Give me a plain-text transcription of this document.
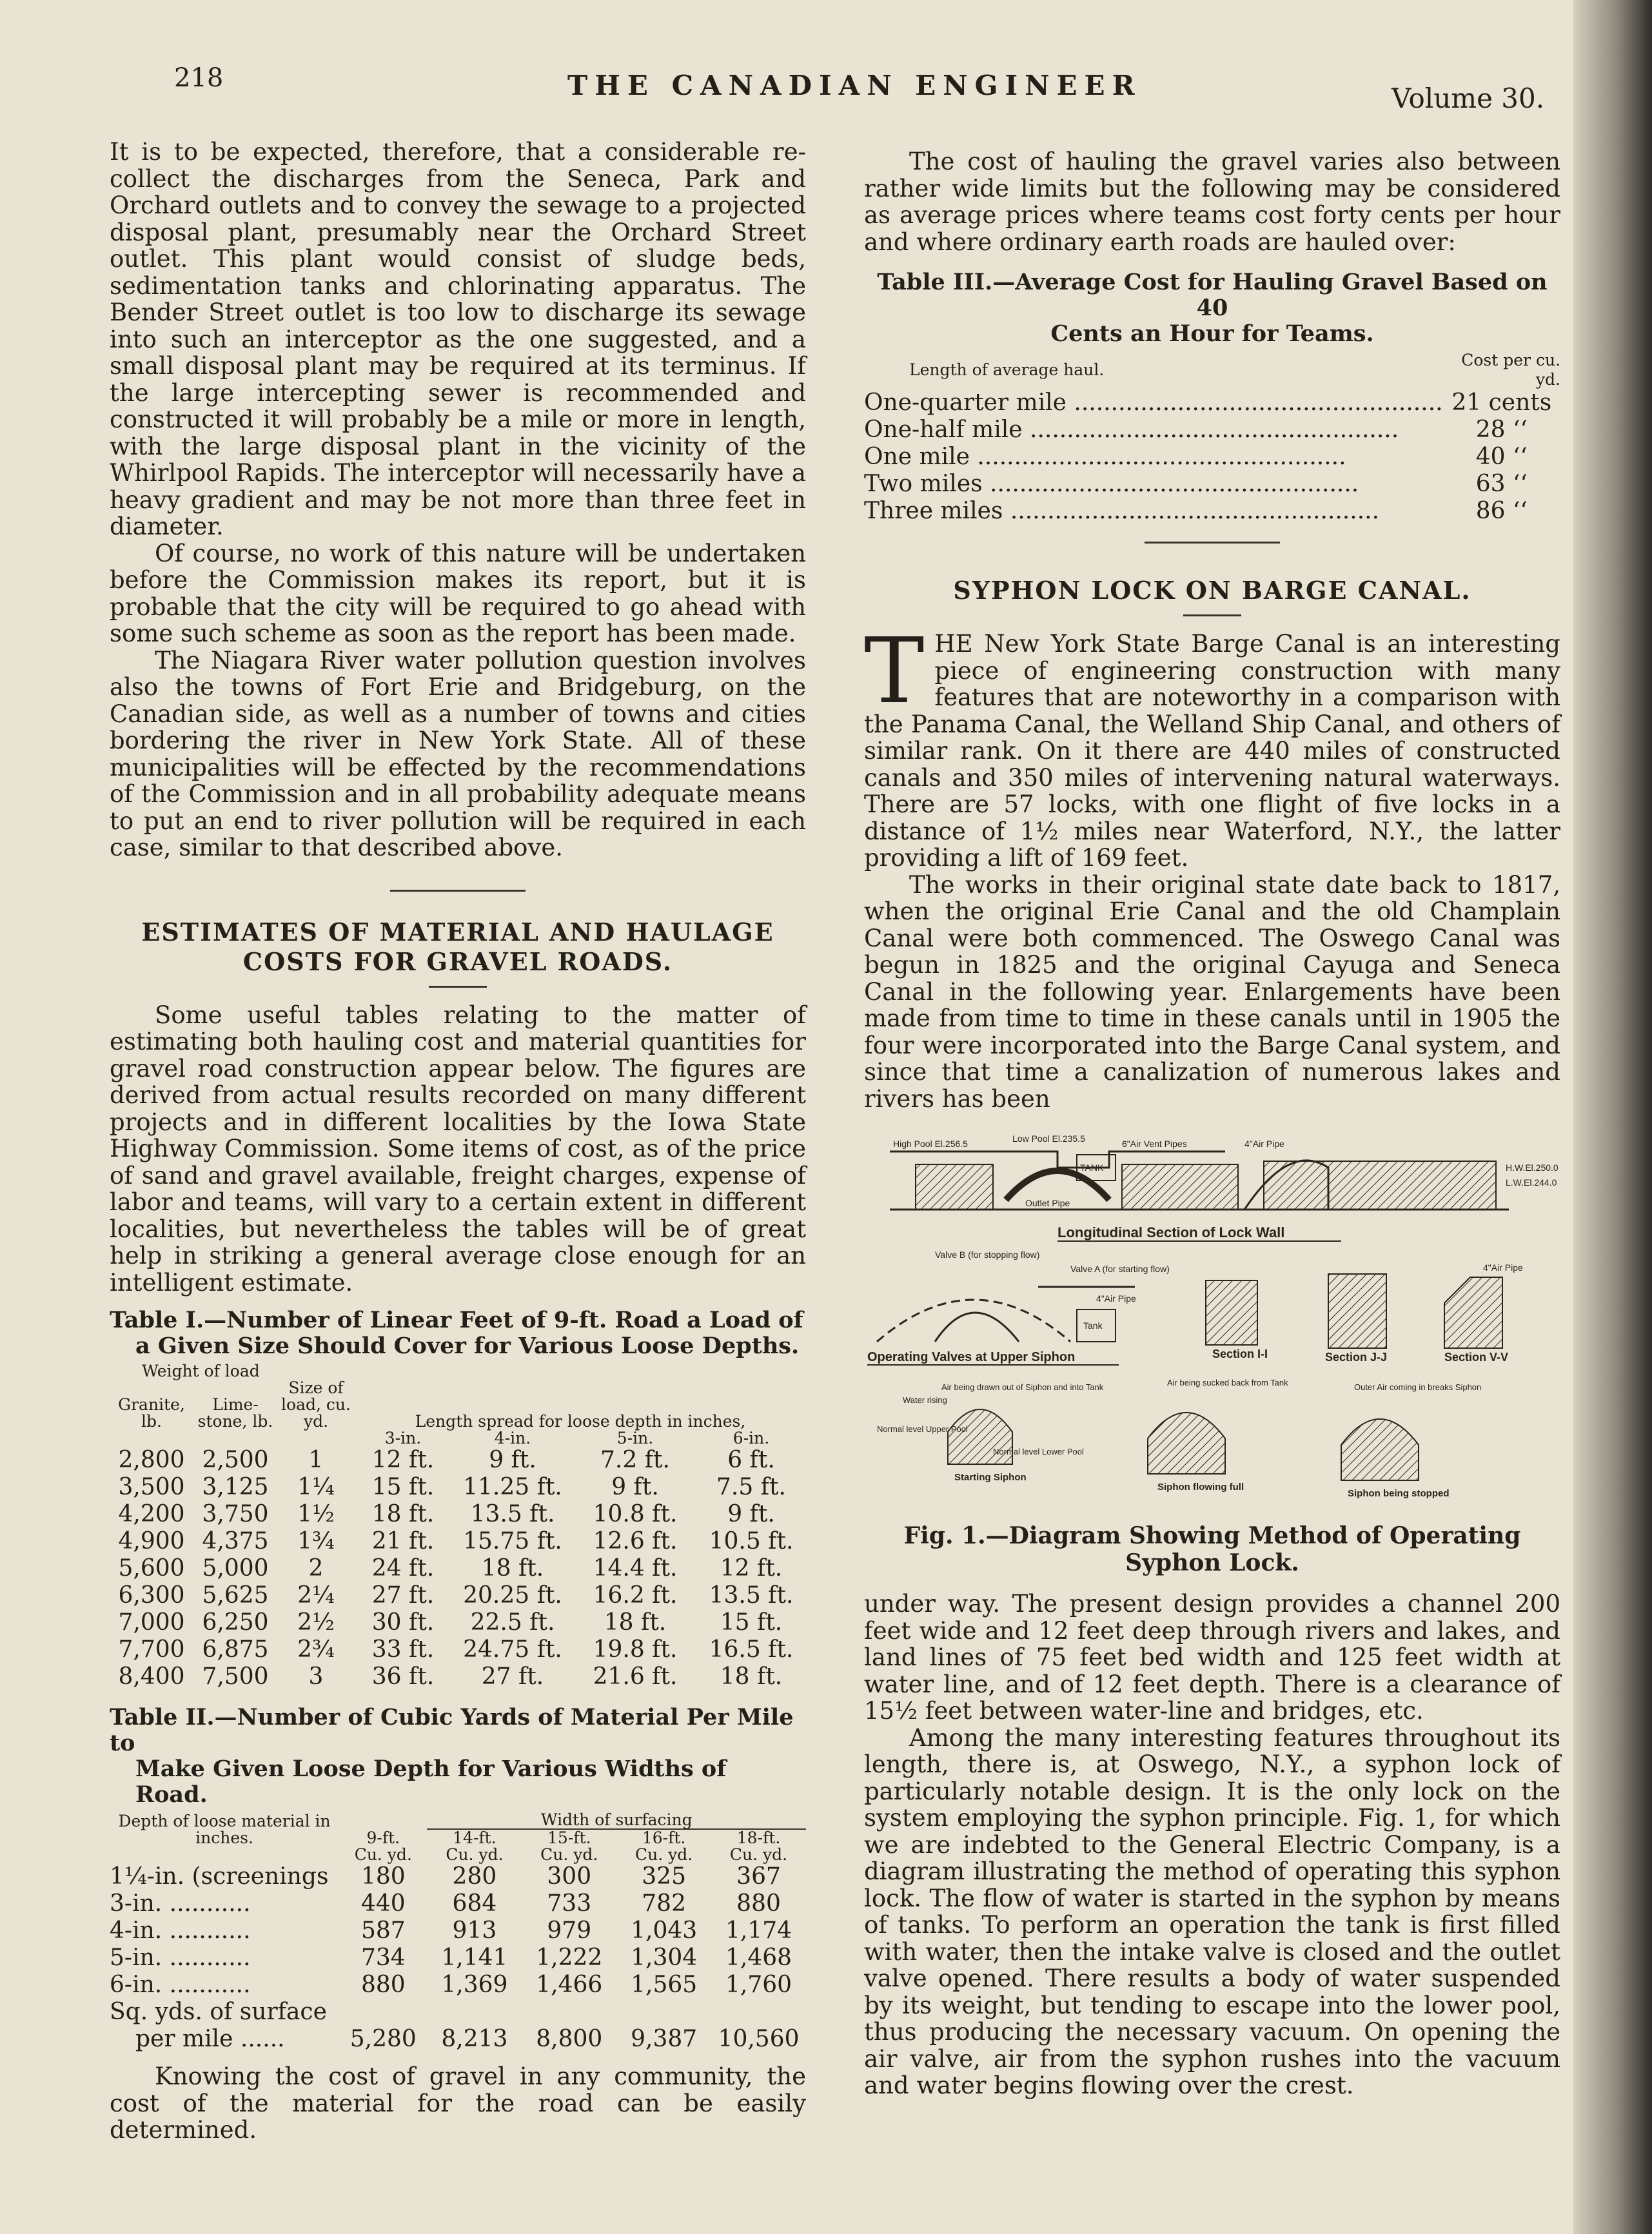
218	THE CANADIAN ENGINEER	Volume 30.

It is to be expected, therefore, that a considerable re-collect the discharges from the Seneca, Park and Orchard outlets and to convey the sewage to a projected disposal plant, presumably near the Orchard Street outlet. This plant would consist of sludge beds, sedimentation tanks and chlorinating apparatus. The Bender Street outlet is too low to discharge its sewage into such an interceptor as the one suggested, and a small disposal plant may be required at its terminus. If the large intercepting sewer is recommended and constructed it will probably be a mile or more in length, with the large disposal plant in the vicinity of the Whirlpool Rapids. The interceptor will necessarily have a heavy gradient and may be not more than three feet in diameter.

Of course, no work of this nature will be undertaken before the Commission makes its report, but it is probable that the city will be required to go ahead with some such scheme as soon as the report has been made.

The Niagara River water pollution question involves also the towns of Fort Erie and Bridgeburg, on the Canadian side, as well as a number of towns and cities bordering the river in New York State. All of these municipalities will be effected by the recommendations of the Commission and in all probability adequate means to put an end to river pollution will be required in each case, similar to that described above.

ESTIMATES OF MATERIAL AND HAULAGE
COSTS FOR GRAVEL ROADS.

Some useful tables relating to the matter of estimating both hauling cost and material quantities for gravel road construction appear below. The figures are derived from actual results recorded on many different projects and in different localities by the Iowa State Highway Commission. Some items of cost, as of the price of sand and gravel available, freight charges, expense of labor and teams, will vary to a certain extent in different localities, but nevertheless the tables will be of great help in striking a general average close enough for an intelligent estimate.

Table I.—Number of Linear Feet of 9-ft. Road a Load of
a Given Size Should Cover for Various Loose Depths.
Weight of load
Granite, lb.	Lime-stone, lb.	Size of load, cu. yd.	Length spread for loose depth in inches,			
			3-in.	4-in.	5-in.	6-in.
2,800	2,500	1	12 ft.	9 ft.	7.2 ft.	6 ft.
3,500	3,125	1¼	15 ft.	11.25 ft.	9 ft.	7.5 ft.
4,200	3,750	1½	18 ft.	13.5 ft.	10.8 ft.	9 ft.
4,900	4,375	1¾	21 ft.	15.75 ft.	12.6 ft.	10.5 ft.
5,600	5,000	2	24 ft.	18 ft.	14.4 ft.	12 ft.
6,300	5,625	2¼	27 ft.	20.25 ft.	16.2 ft.	13.5 ft.
7,000	6,250	2½	30 ft.	22.5 ft.	18 ft.	15 ft.
7,700	6,875	2¾	33 ft.	24.75 ft.	19.8 ft.	16.5 ft.
8,400	7,500	3	36 ft.	27 ft.	21.6 ft.	18 ft.
Table II.—Number of Cubic Yards of Material Per Mile to
Make Given Loose Depth for Various Widths of Road.
Depth of loose material in inches.		Width of surfacing			
	9-ft.	14-ft.	15-ft.	16-ft.	18-ft.
	Cu. yd.	Cu. yd.	Cu. yd.	Cu. yd.	Cu. yd.
1¼-in. (screenings	180	280	300	325	367
3-in. ...........	440	684	733	782	880
4-in. ...........	587	913	979	1,043	1,174
5-in. ...........	734	1,141	1,222	1,304	1,468
6-in. ...........	880	1,369	1,466	1,565	1,760
Sq. yds. of surface					
per mile ......	5,280	8,213	8,800	9,387	10,560

Knowing the cost of gravel in any community, the cost of the material for the road can be easily determined.

The cost of hauling the gravel varies also between rather wide limits but the following may be considered as average prices where teams cost forty cents per hour and where ordinary earth roads are hauled over:

Table III.—Average Cost for Hauling Gravel Based on 40
Cents an Hour for Teams.
Length of average haul.	Cost per cu. yd.
One-quarter mile ..................................................	21 cents
One-half mile ..................................................	28 ‘‘
One mile ..................................................	40 ‘‘
Two miles ..................................................	63 ‘‘
Three miles ..................................................	86 ‘‘
SYPHON LOCK ON BARGE CANAL.

THE New York State Barge Canal is an interesting piece of engineering construction with many features that are noteworthy in a comparison with the Panama Canal, the Welland Ship Canal, and others of similar rank. On it there are 440 miles of constructed canals and 350 miles of intervening natural waterways. There are 57 locks, with one flight of five locks in a distance of 1½ miles near Waterford, N.Y., the latter providing a lift of 169 feet.

The works in their original state date back to 1817, when the original Erie Canal and the old Champlain Canal were both commenced. The Oswego Canal was begun in 1825 and the original Cayuga and Seneca Canal in the following year. Enlargements have been made from time to time in these canals until in 1905 the four were incorporated into the Barge Canal system, and since that time a canalization of numerous lakes and rivers has been

High Pool El.256.5	Low Pool El.235.5	6"Air Vent Pipes	4"Air Pipe
TANK
Outlet Pipe
H.W.El.250.0
L.W.El.244.0
Longitudinal Section of Lock Wall
Valve B (for stopping flow)
Valve A (for starting flow)
4"Air Pipe
Tank
Operating Valves at Upper Siphon	Section I-I	Section J-J
4"Air Pipe
Section V-V
Air being drawn out of Siphon and into Tank
Water rising
Normal level Upper Pool
Normal level Lower Pool
Starting Siphon
Air being sucked back from Tank
Siphon flowing full
Outer Air coming in breaks Siphon
Siphon being stopped
Fig. 1.—Diagram Showing Method of Operating
Syphon Lock.

under way. The present design provides a channel 200 feet wide and 12 feet deep through rivers and lakes, and land lines of 75 feet bed width and 125 feet width at water line, and of 12 feet depth. There is a clearance of 15½ feet between water-line and bridges, etc.

Among the many interesting features throughout its length, there is, at Oswego, N.Y., a syphon lock of particularly notable design. It is the only lock on the system employing the syphon principle. Fig. 1, for which we are indebted to the General Electric Company, is a diagram illustrating the method of operating this syphon lock. The flow of water is started in the syphon by means of tanks. To perform an operation the tank is first filled with water, then the intake valve is closed and the outlet valve opened. There results a body of water suspended by its weight, but tending to escape into the lower pool, thus producing the necessary vacuum. On opening the air valve, air from the syphon rushes into the vacuum and water begins flowing over the crest.
